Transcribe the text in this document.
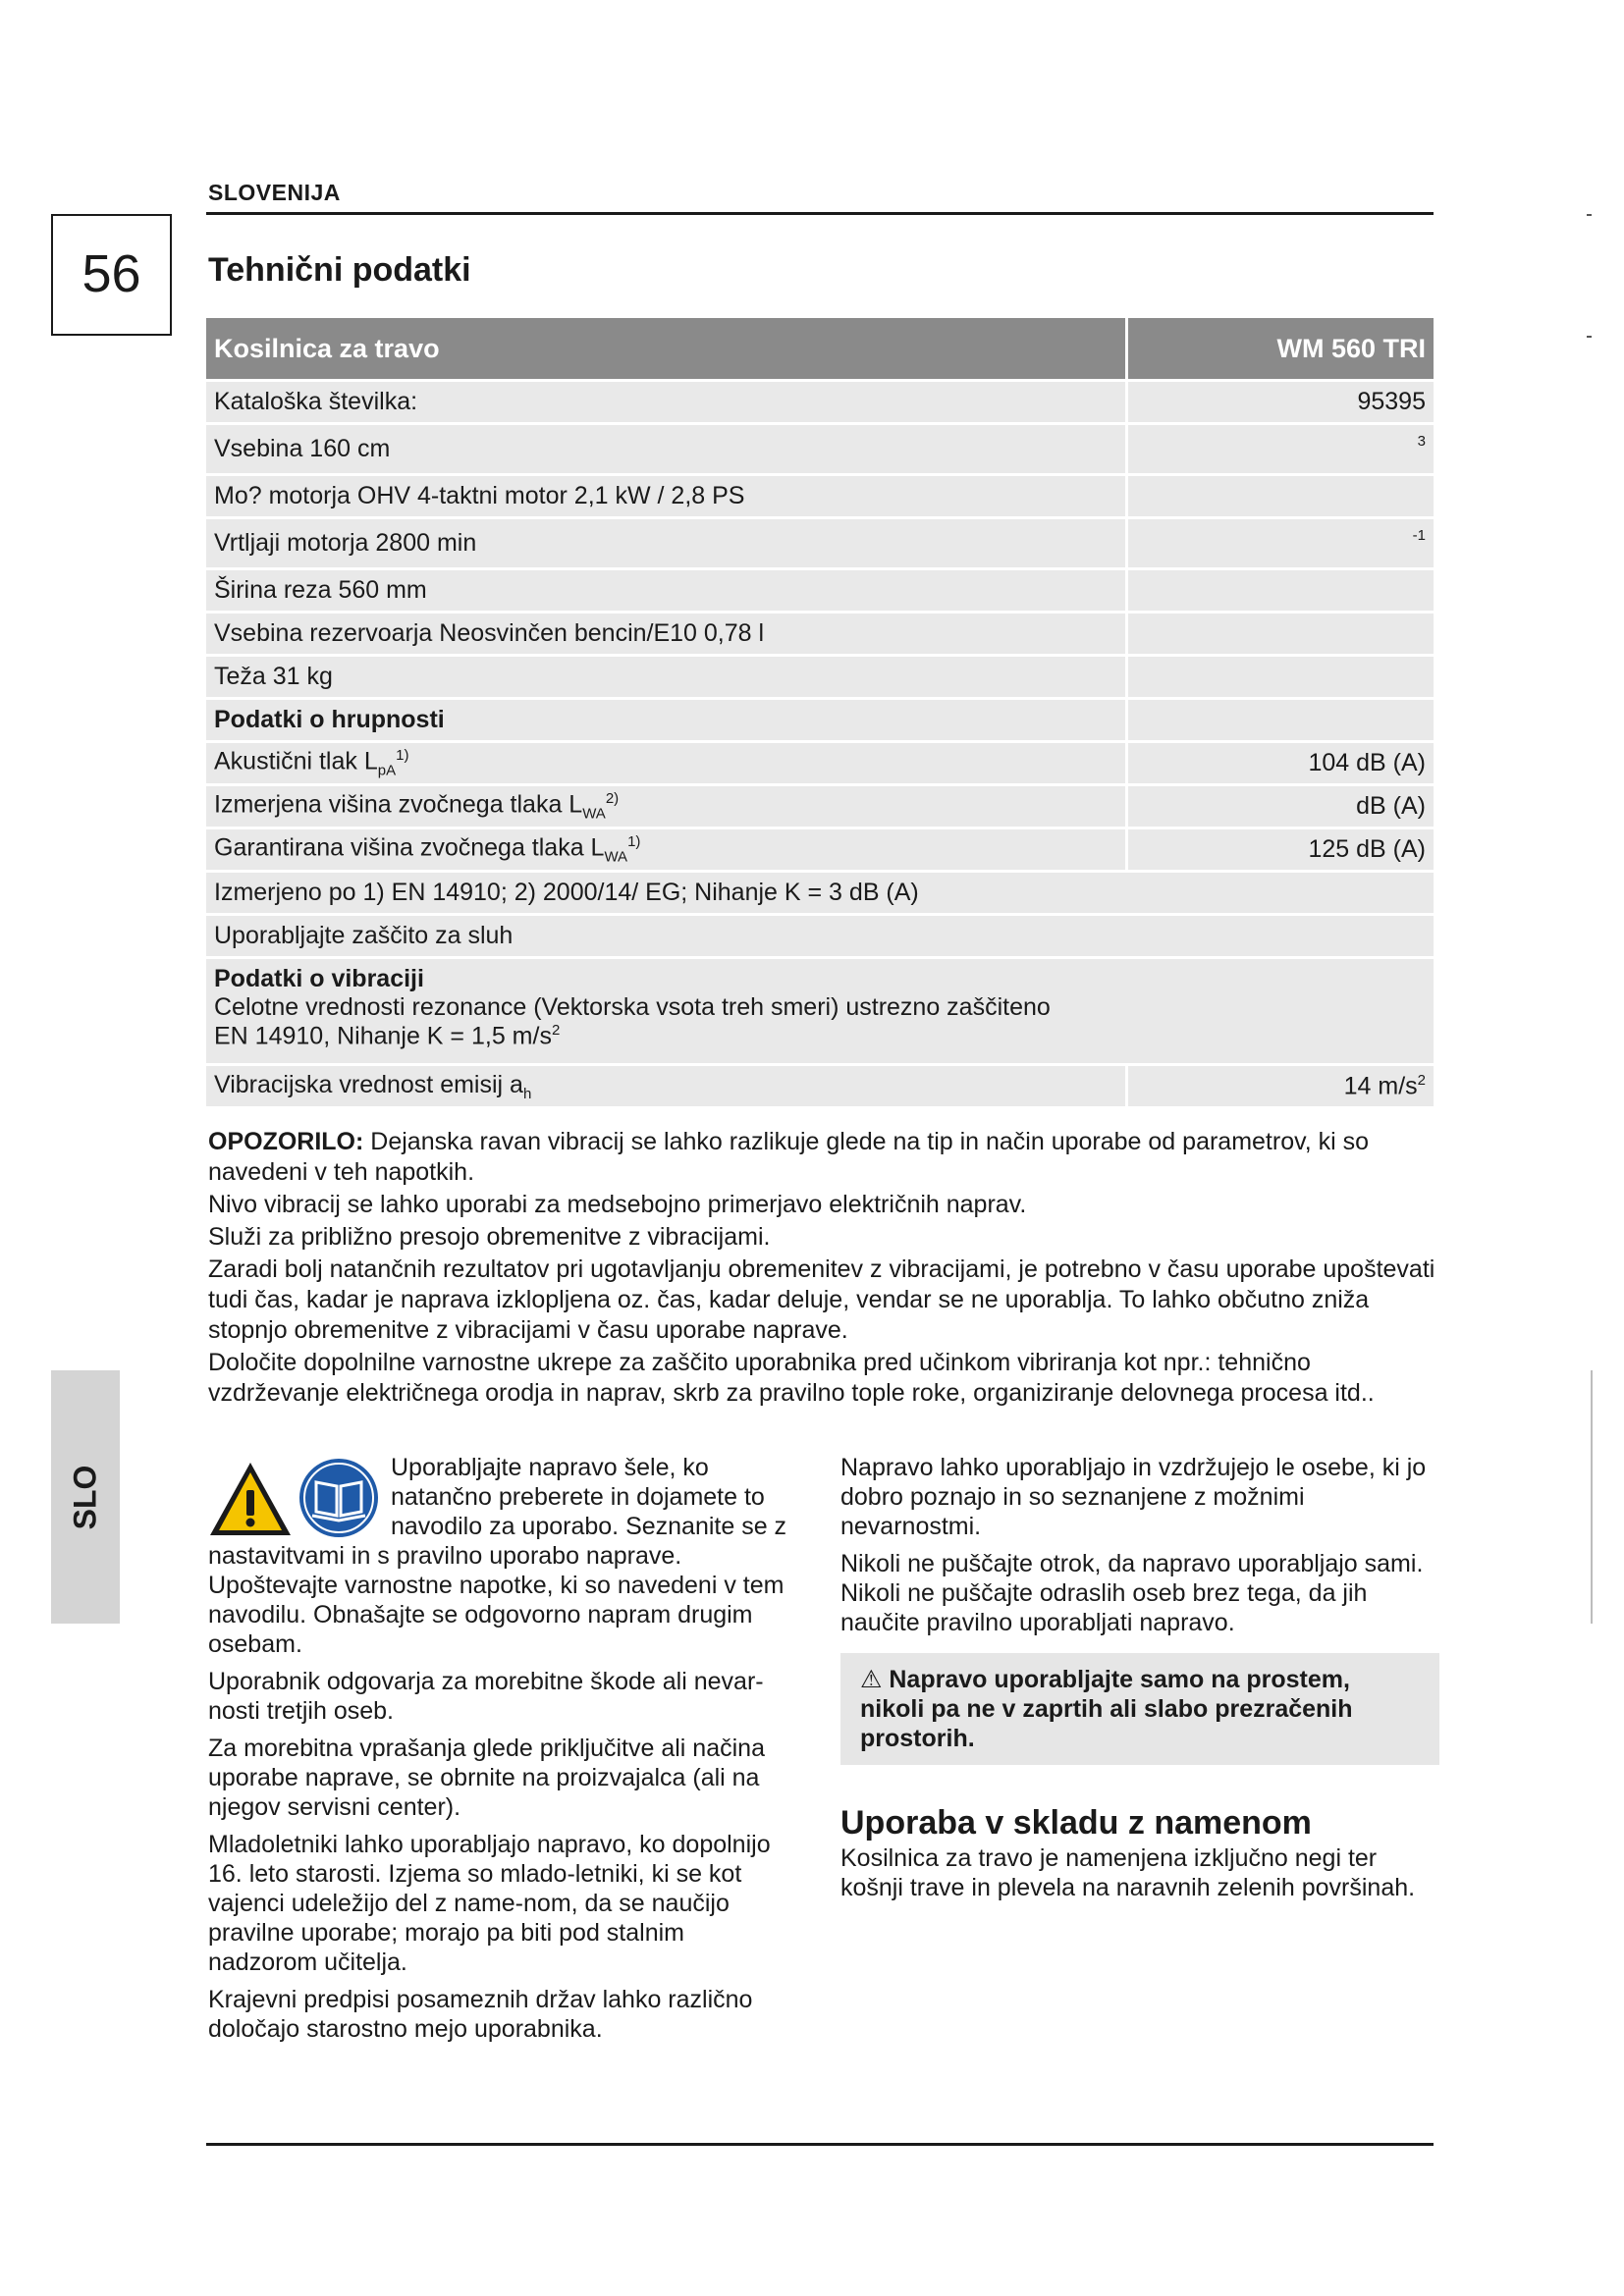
SLOVENIJA
56	Tehnični podatki
Kosilnica za travo	WM 560 TRI
Kataloška številka:	95395
Vsebina 160 cm	3
Mo? motorja OHV 4-taktni motor 2,1 kW / 2,8 PS	
Vrtljaji motorja 2800 min	-1
Širina reza 560 mm	
Vsebina rezervoarja Neosvinčen bencin/E10 0,78 l	
Teža 31 kg	
Podatki o hrupnosti	
Akustični tlak $L_{pA}^{1)}$	104 dB (A)
Izmerjena višina zvočnega tlaka $L_{WA}^{2)}$	dB (A)
Garantirana višina zvočnega tlaka $L_{WA}^{1)}$	125 dB (A)
Izmerjeno po 1) EN 14910; 2) 2000/14/ EG; Nihanje K = 3 dB (A)	
Uporabljajte zaščito za sluh	

Podatki o vibraciji
Celotne vrednosti rezonance (Vektorska vsota treh smeri) ustrezno zaščiteno
EN 14910, Nihanje K = 1,5 $m/s^2$

Vibracijska vrednost emisij $a_h$	14 $m/s^2$

OPOZORILO: Dejanska ravan vibracij se lahko razlikuje glede na tip in način uporabe od parametrov, ki so navedeni v teh napotkih.

Nivo vibracij se lahko uporabi za medsebojno primerjavo električnih naprav.

Služi za približno presojo obremenitve z vibracijami.

Zaradi bolj natančnih rezultatov pri ugotavljanju obremenitev z vibracijami, je potrebno v času uporabe upoštevati tudi čas, kadar je naprava izklopljena oz. čas, kadar deluje, vendar se ne uporablja. To lahko občutno zniža stopnjo obremenitve z vibracijami v času uporabe naprave.

Določite dopolnilne varnostne ukrepe za zaščito uporabnika pred učinkom vibriranja kot npr.: tehnično vzdrževanje električnega orodja in naprav, skrb za pravilno tople roke, organiziranje delovnega procesa itd..

Uporabljajte napravo šele, ko natančno preberete in dojamete to navodilo za uporabo. Seznanite se z nastavitvami in s pravilno uporabo naprave. Upoštevajte varnostne napotke, ki so navedeni v tem navodilu. Obnašajte se odgovorno napram drugim osebam.

Uporabnik odgovarja za morebitne škode ali nevar-nosti tretjih oseb.

Za morebitna vprašanja glede priključitve ali načina uporabe naprave, se obrnite na proizvajalca (ali na njegov servisni center).

Mladoletniki lahko uporabljajo napravo, ko dopolnijo 16. leto starosti. Izjema so mlado-letniki, ki se kot vajenci udeležijo del z name-nom, da se naučijo pravilne uporabe; morajo pa biti pod stalnim nadzorom učitelja.

Krajevni predpisi posameznih držav lahko različno določajo starostno mejo uporabnika.

Napravo lahko uporabljajo in vzdržujejo le osebe, ki jo dobro poznajo in so seznanjene z možnimi nevarnostmi.

Nikoli ne puščajte otrok, da napravo uporabljajo sami. Nikoli ne puščajte odraslih oseb brez tega, da jih naučite pravilno uporabljati napravo.

⚠ Napravo uporabljajte samo na prostem, nikoli pa ne v zaprtih ali slabo prezračenih prostorih.
Uporaba v skladu z namenom

Kosilnica za travo je namenjena izključno negi ter košnji trave in plevela na naravnih zelenih površinah.

SLO
